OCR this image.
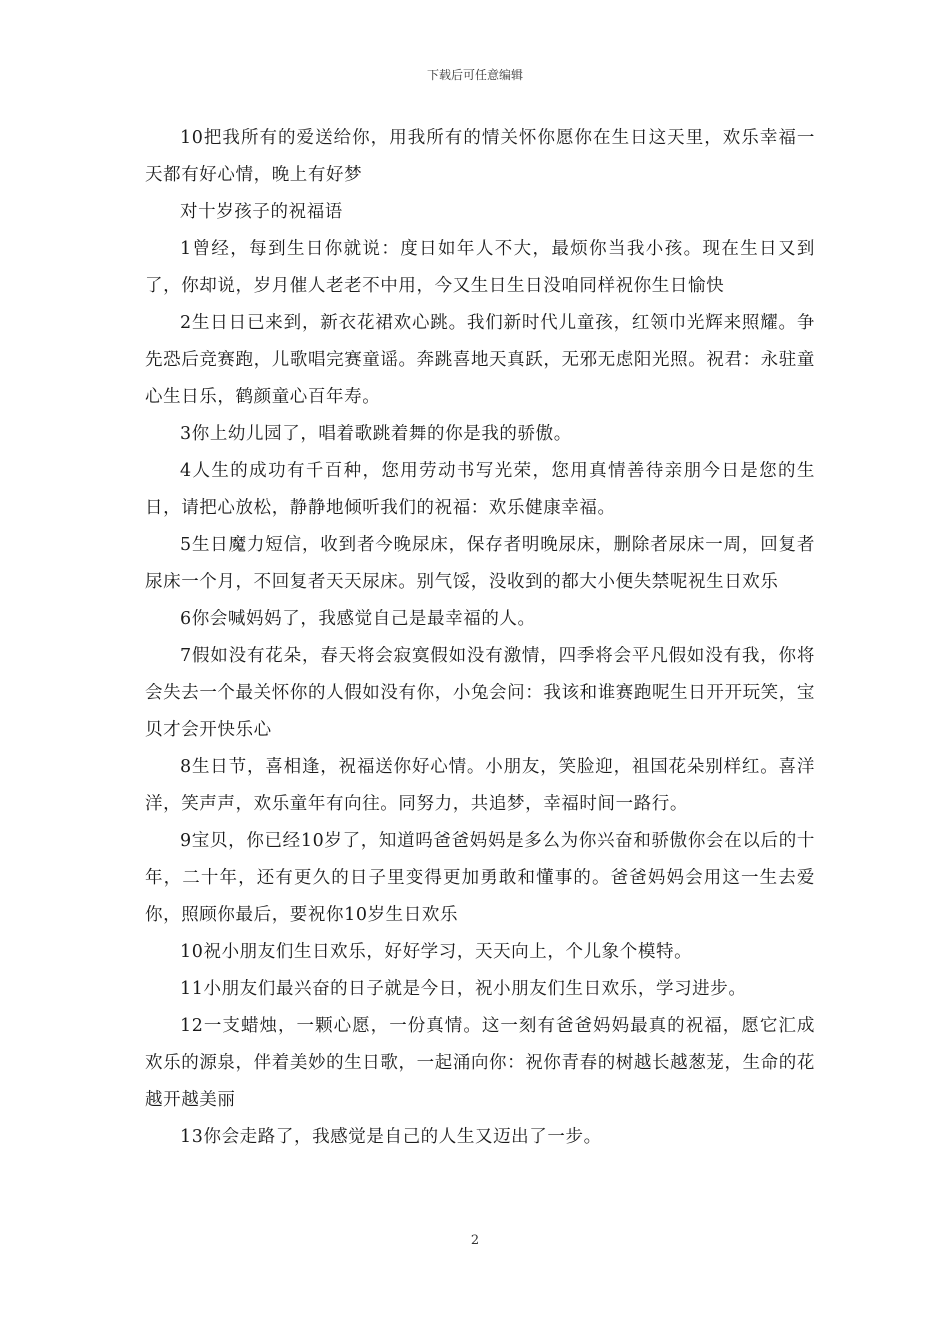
下载后可任意编辑

10把我所有的爱送给你，用我所有的情关怀你愿你在生日这天里，欢乐幸福一天都有好心情，晚上有好梦

对十岁孩子的祝福语

1曾经，每到生日你就说：度日如年人不大，最烦你当我小孩。现在生日又到了，你却说，岁月催人老老不中用，今又生日生日没咱同样祝你生日愉快

2生日日已来到，新衣花裙欢心跳。我们新时代儿童孩，红领巾光辉来照耀。争先恐后竞赛跑，儿歌唱完赛童谣。奔跳喜地天真跃，无邪无虑阳光照。祝君：永驻童心生日乐，鹤颜童心百年寿。

3你上幼儿园了，唱着歌跳着舞的你是我的骄傲。

4人生的成功有千百种，您用劳动书写光荣，您用真情善待亲朋今日是您的生日，请把心放松，静静地倾听我们的祝福：欢乐健康幸福。

5生日魔力短信，收到者今晚尿床，保存者明晚尿床，删除者尿床一周，回复者尿床一个月，不回复者天天尿床。别气馁，没收到的都大小便失禁呢祝生日欢乐

6你会喊妈妈了，我感觉自己是最幸福的人。

7假如没有花朵，春天将会寂寞假如没有激情，四季将会平凡假如没有我，你将会失去一个最关怀你的人假如没有你，小兔会问：我该和谁赛跑呢生日开开玩笑，宝贝才会开快乐心

8生日节，喜相逢，祝福送你好心情。小朋友，笑脸迎，祖国花朵别样红。喜洋洋，笑声声，欢乐童年有向往。同努力，共追梦，幸福时间一路行。

9宝贝，你已经10岁了，知道吗爸爸妈妈是多么为你兴奋和骄傲你会在以后的十年，二十年，还有更久的日子里变得更加勇敢和懂事的。爸爸妈妈会用这一生去爱你，照顾你最后，要祝你10岁生日欢乐

10祝小朋友们生日欢乐，好好学习，天天向上，个儿象个模特。

11小朋友们最兴奋的日子就是今日，祝小朋友们生日欢乐，学习进步。

12一支蜡烛，一颗心愿，一份真情。这一刻有爸爸妈妈最真的祝福，愿它汇成欢乐的源泉，伴着美妙的生日歌，一起涌向你：祝你青春的树越长越葱茏，生命的花越开越美丽

13你会走路了，我感觉是自己的人生又迈出了一步。

2
